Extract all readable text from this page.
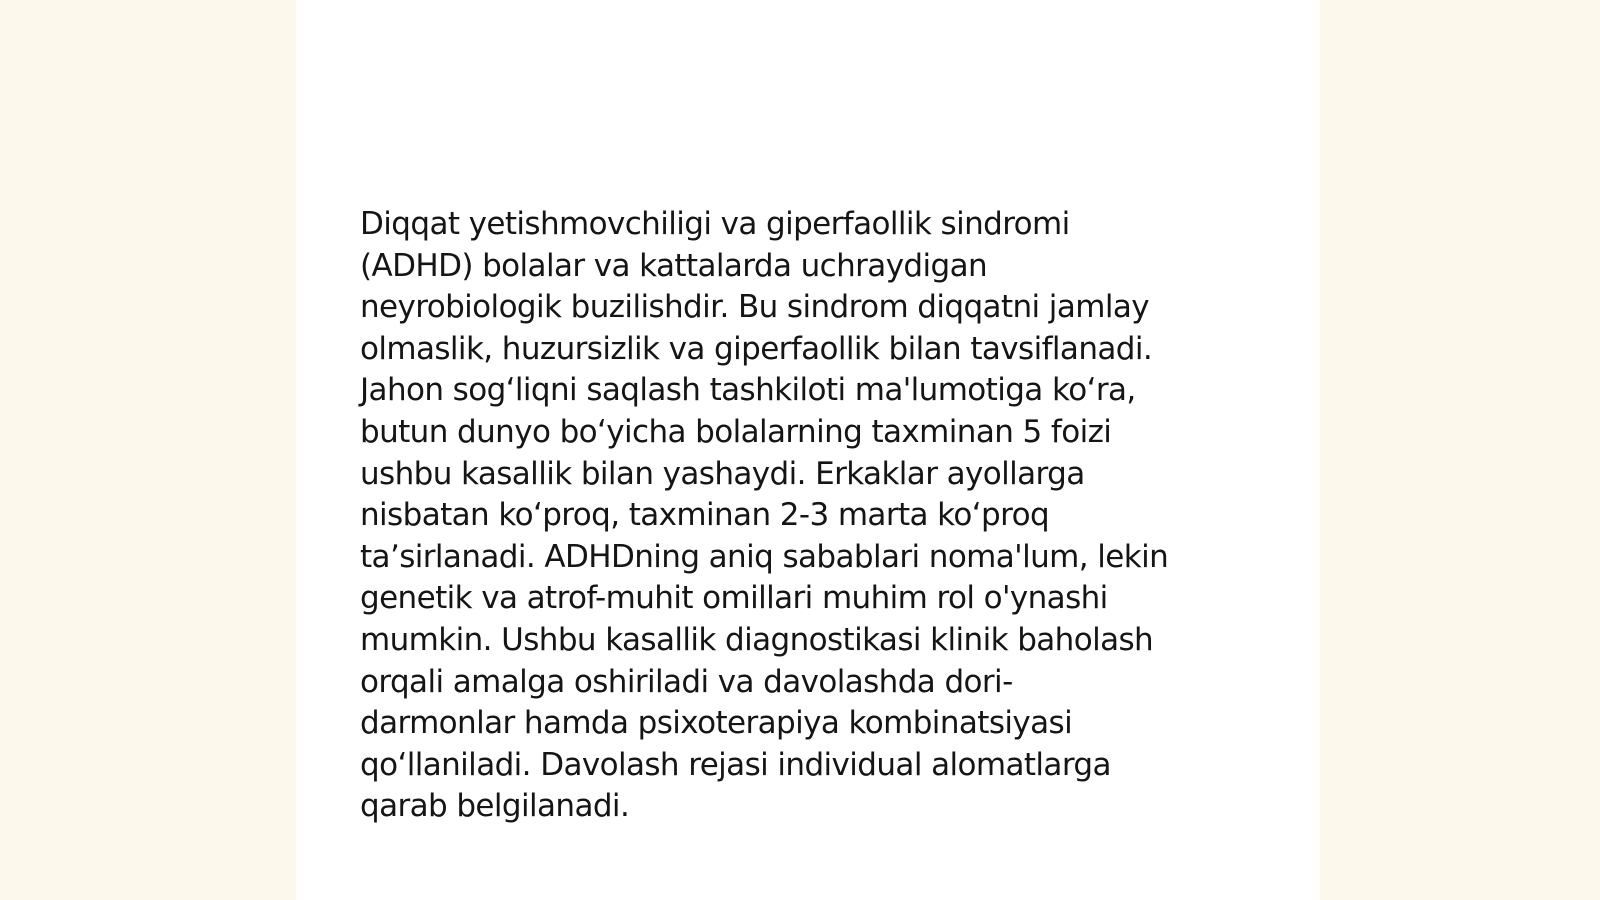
Diqqat yetishmovchiligi va giperfaollik sindromi
(ADHD) bolalar va kattalarda uchraydigan
neyrobiologik buzilishdir. Bu sindrom diqqatni jamlay
olmaslik, huzursizlik va giperfaollik bilan tavsiflanadi.
Jahon sog‘liqni saqlash tashkiloti ma'lumotiga ko‘ra,
butun dunyo bo‘yicha bolalarning taxminan 5 foizi
ushbu kasallik bilan yashaydi. Erkaklar ayollarga
nisbatan ko‘proq, taxminan 2-3 marta ko‘proq
ta’sirlanadi. ADHDning aniq sabablari noma'lum, lekin
genetik va atrof-muhit omillari muhim rol o'ynashi
mumkin. Ushbu kasallik diagnostikasi klinik baholash
orqali amalga oshiriladi va davolashda dori-
darmonlar hamda psixoterapiya kombinatsiyasi
qo‘llaniladi. Davolash rejasi individual alomatlarga
qarab belgilanadi.
